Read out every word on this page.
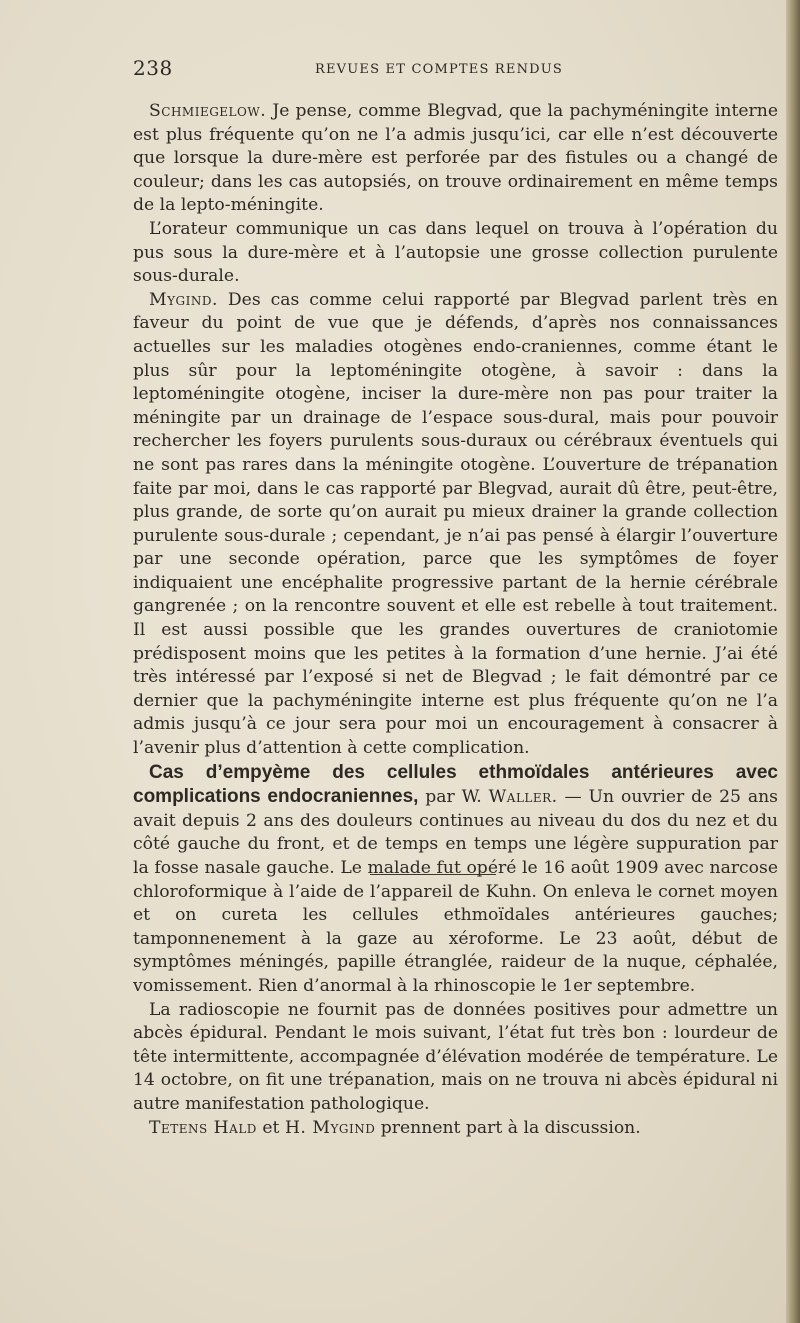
238	REVUES ET COMPTES RENDUS

Schmiegelow. Je pense, comme Blegvad, que la pachyméningite interne est plus fréquente qu’on ne l’a admis jusqu’ici, car elle n’est découverte que lorsque la dure-mère est perforée par des fistules ou a changé de couleur; dans les cas autopsiés, on trouve ordinairement en même temps de la lepto-méningite.

L’orateur communique un cas dans lequel on trouva à l’opération du pus sous la dure-mère et à l’autopsie une grosse collection purulente sous-durale.

Mygind. Des cas comme celui rapporté par Blegvad parlent très en faveur du point de vue que je défends, d’après nos connaissances actuelles sur les maladies otogènes endo-craniennes, comme étant le plus sûr pour la leptoméningite otogène, à savoir : dans la leptoméningite otogène, inciser la dure-mère non pas pour traiter la méningite par un drainage de l’espace sous-dural, mais pour pouvoir rechercher les foyers purulents sous-duraux ou cérébraux éventuels qui ne sont pas rares dans la méningite otogène. L’ouverture de trépanation faite par moi, dans le cas rapporté par Blegvad, aurait dû être, peut-être, plus grande, de sorte qu’on aurait pu mieux drainer la grande collection purulente sous-durale ; cependant, je n’ai pas pensé à élargir l’ouverture par une seconde opération, parce que les symptômes de foyer indiquaient une encéphalite progressive partant de la hernie cérébrale gangrenée ; on la rencontre souvent et elle est rebelle à tout traitement. Il est aussi possible que les grandes ouvertures de craniotomie prédisposent moins que les petites à la formation d’une hernie. J’ai été très intéressé par l’exposé si net de Blegvad ; le fait démontré par ce dernier que la pachyméningite interne est plus fréquente qu’on ne l’a admis jusqu’à ce jour sera pour moi un encouragement à consacrer à l’avenir plus d’attention à cette complication.

Cas d’empyème des cellules ethmoïdales antérieures avec complications endocraniennes, par W. Waller. — Un ouvrier de 25 ans avait depuis 2 ans des douleurs continues au niveau du dos du nez et du côté gauche du front, et de temps en temps une légère suppuration par la fosse nasale gauche. Le malade fut opéré le 16 août 1909 avec narcose chloroformique à l’aide de l’appareil de Kuhn. On enleva le cornet moyen et on cureta les cellules ethmoïdales antérieures gauches; tamponnenement à la gaze au xéroforme. Le 23 août, début de symptômes méningés, papille étranglée, raideur de la nuque, céphalée, vomissement. Rien d’anormal à la rhinoscopie le 1er septembre.

La radioscopie ne fournit pas de données positives pour admettre un abcès épidural. Pendant le mois suivant, l’état fut très bon : lourdeur de tête intermittente, accompagnée d’élévation modérée de température. Le 14 octobre, on fit une trépanation, mais on ne trouva ni abcès épidural ni autre manifestation pathologique.

Tetens Hald et H. Mygind prennent part à la discussion.
